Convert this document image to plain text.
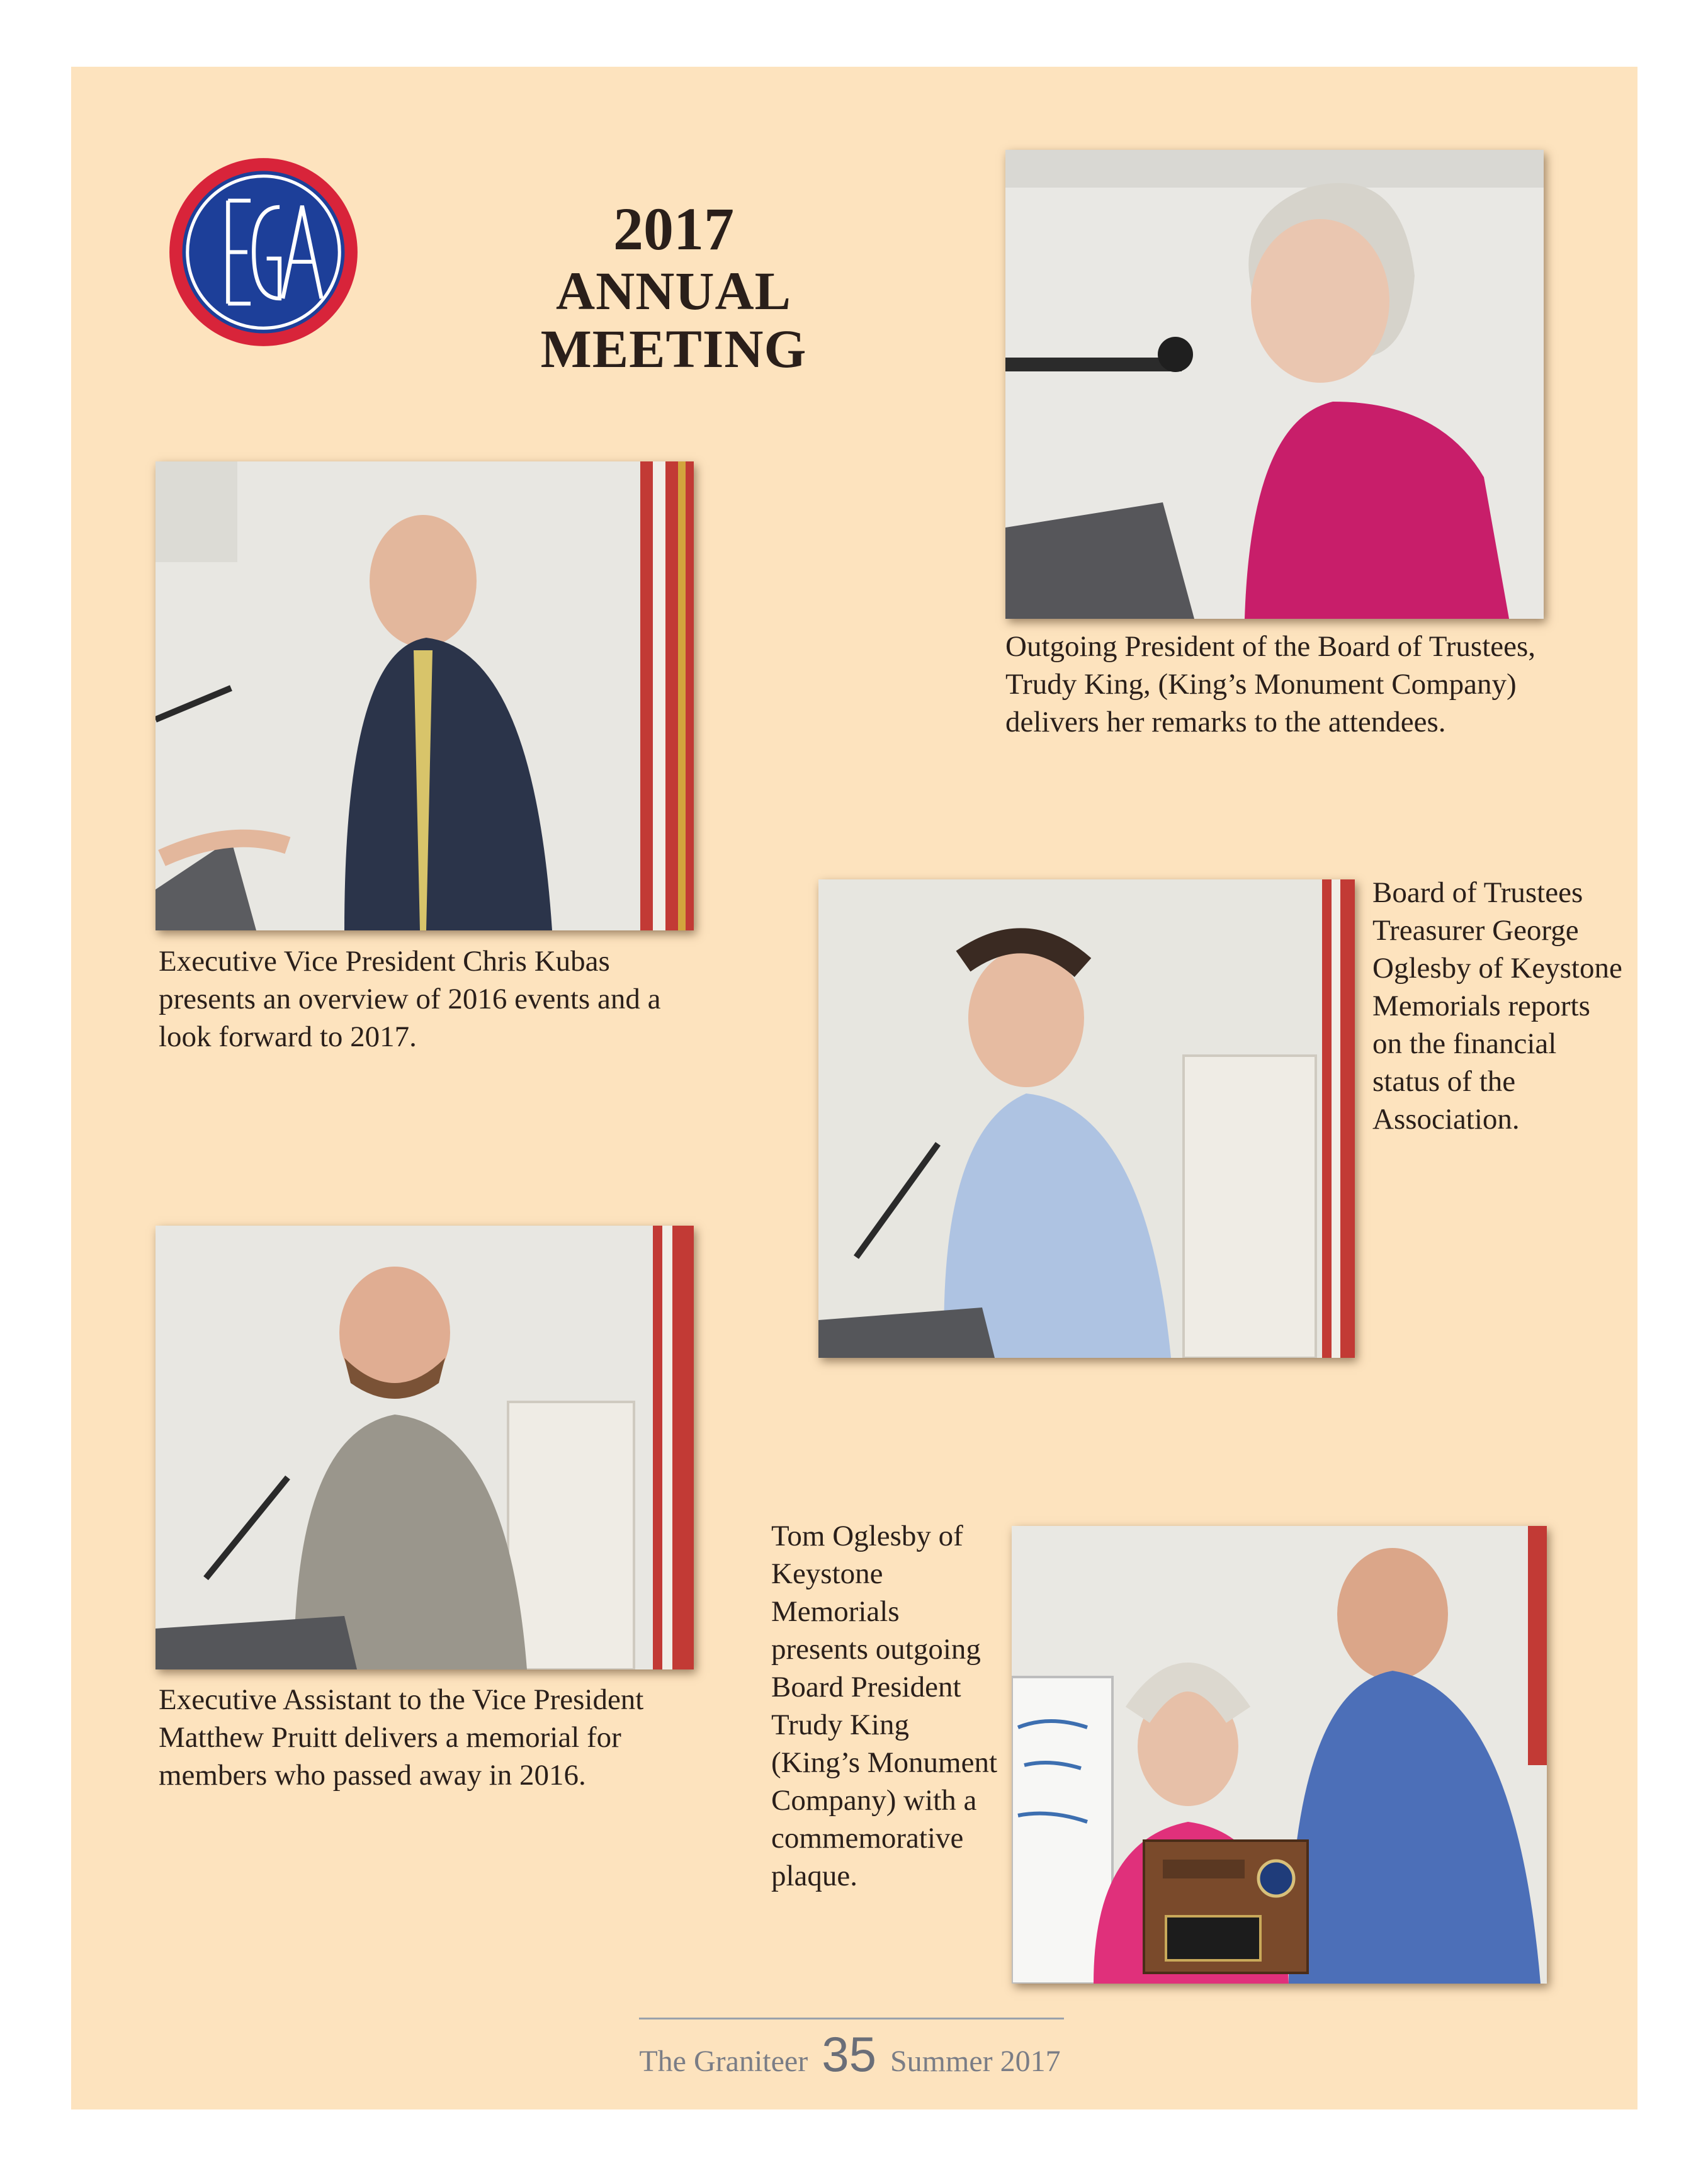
2017
ANNUAL MEETING

Outgoing President of the Board of Trustees, Trudy King, (King’s Monument Company) delivers her remarks to the attendees.

Executive Vice President Chris Kubas presents an overview of 2016 events and a look forward to 2017.

Board of Trustees Treasurer George Oglesby of Keystone Memorials reports on the financial status of the Association.

Executive Assistant to the Vice President Matthew Pruitt delivers a memorial for members who passed away in 2016.

Tom Oglesby of Keystone Memorials presents outgoing Board President Trudy King (King’s Monument Company) with a commemorative plaque.

The Graniteer 35 Summer 2017
